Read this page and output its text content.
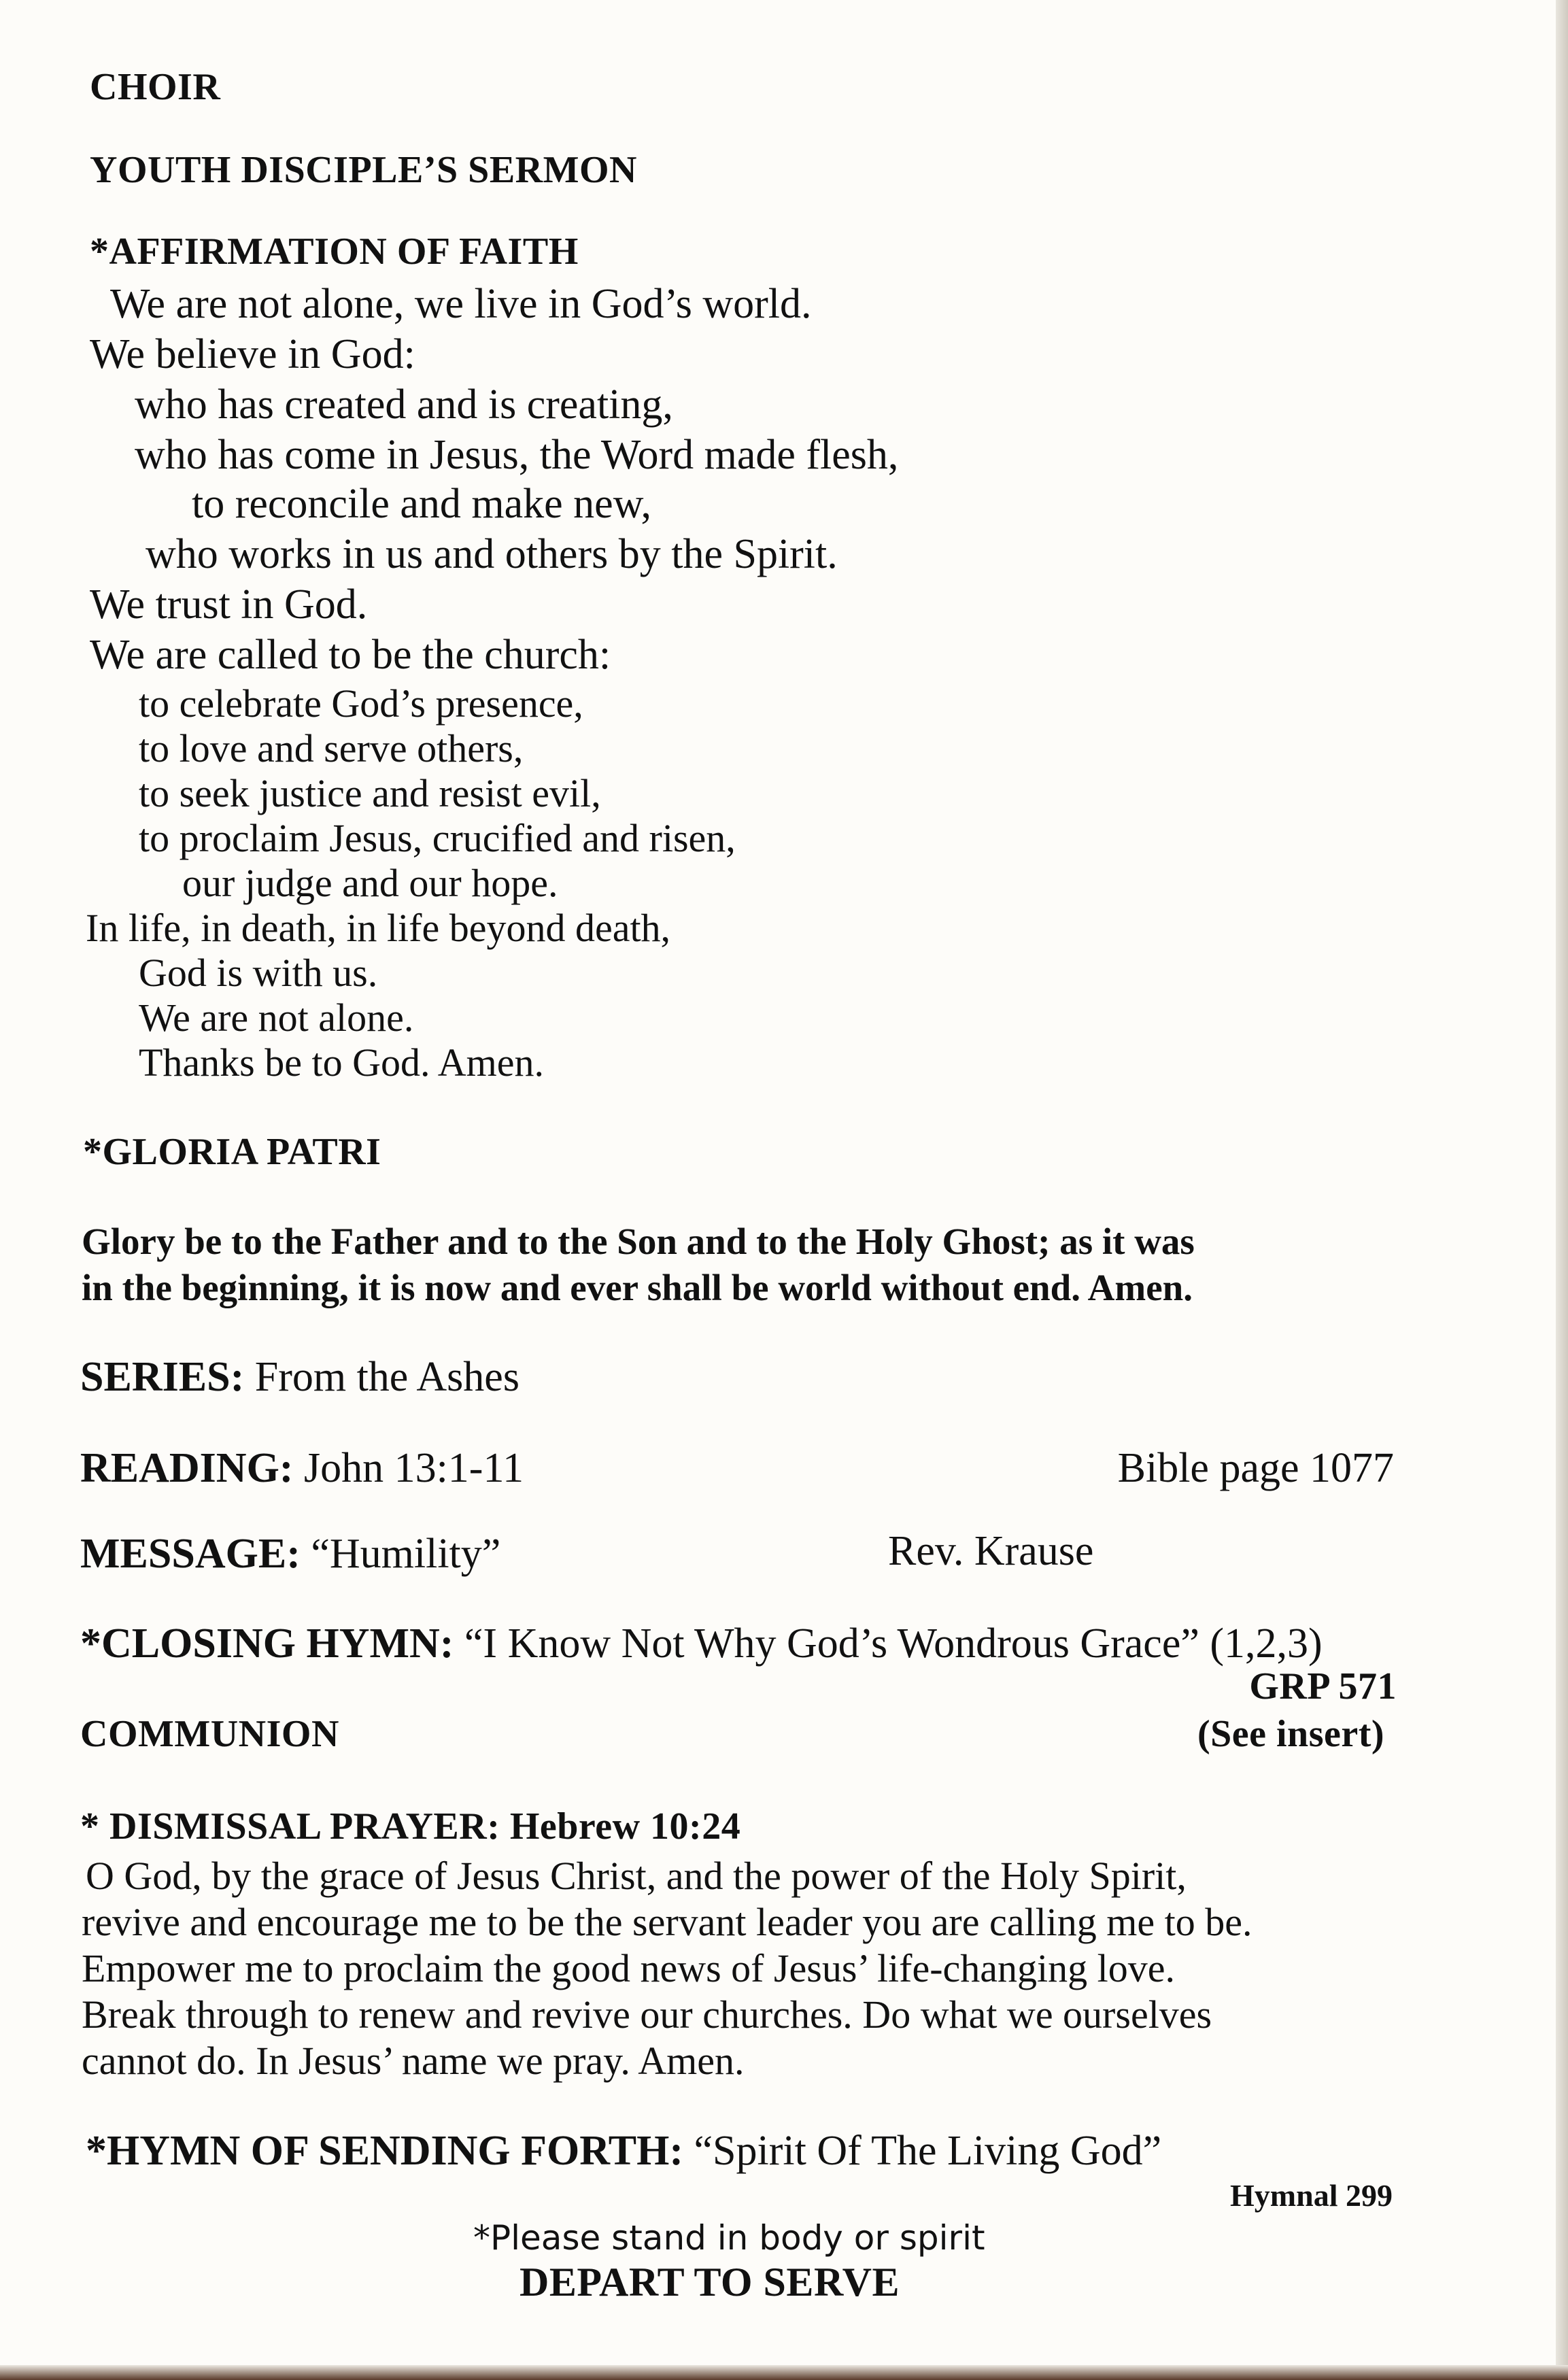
CHOIR
YOUTH DISCIPLE’S SERMON
*AFFIRMATION OF FAITH
We are not alone, we live in God’s world.
We believe in God:
who has created and is creating,
who has come in Jesus, the Word made flesh,
to reconcile and make new,
who works in us and others by the Spirit.
We trust in God.
We are called to be the church:
to celebrate God’s presence,
to love and serve others,
to seek justice and resist evil,
to proclaim Jesus, crucified and risen,
our judge and our hope.
In life, in death, in life beyond death,
God is with us.
We are not alone.
Thanks be to God. Amen.
*GLORIA PATRI
Glory be to the Father and to the Son and to the Holy Ghost; as it was
in the beginning, it is now and ever shall be world without end. Amen.
SERIES: From the Ashes
READING: John 13:1-11	Bible page 1077
MESSAGE: “Humility”	Rev. Krause
*CLOSING HYMN: “I Know Not Why God’s Wondrous Grace” (1,2,3)
GRP 571
COMMUNION	(See insert)
* DISMISSAL PRAYER: Hebrew 10:24
O God, by the grace of Jesus Christ, and the power of the Holy Spirit,
revive and encourage me to be the servant leader you are calling me to be.
Empower me to proclaim the good news of Jesus’ life-changing love.
Break through to renew and revive our churches. Do what we ourselves
cannot do. In Jesus’ name we pray. Amen.
*HYMN OF SENDING FORTH: “Spirit Of The Living God”
Hymnal 299
*Please stand in body or spirit
DEPART TO SERVE
